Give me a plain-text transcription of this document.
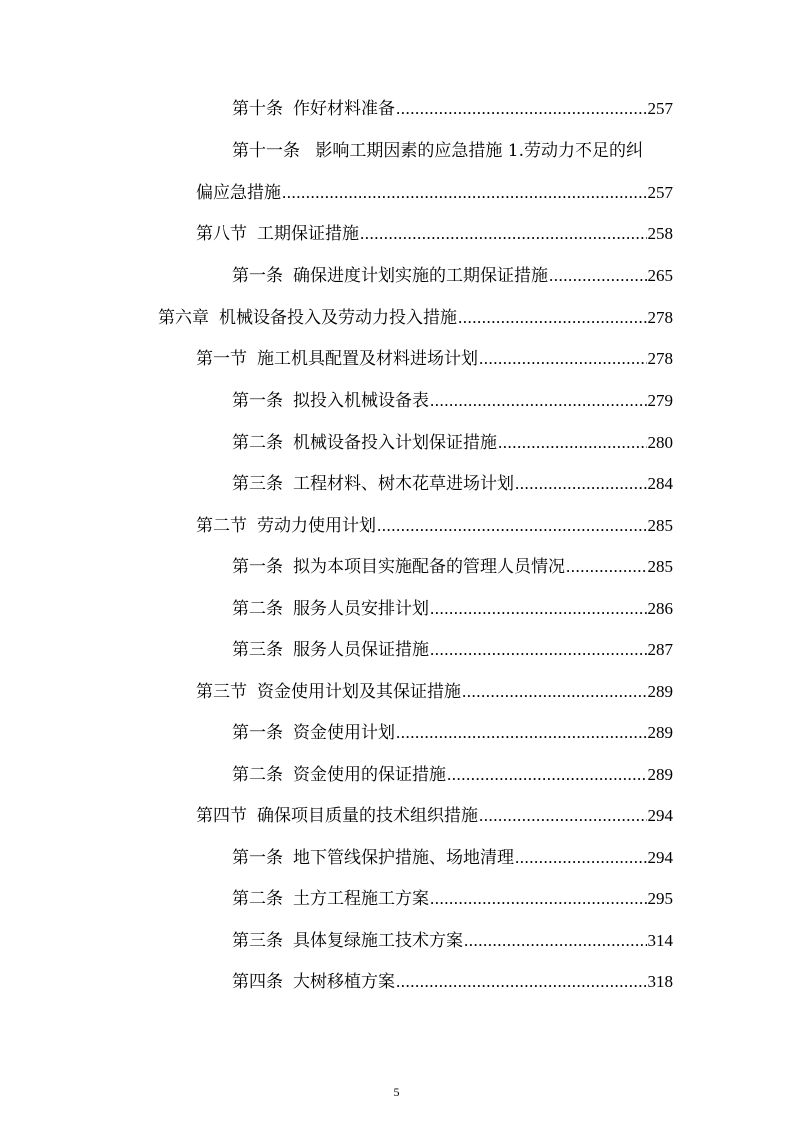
第十条 作好材料准备 .....	257
第十一条 影响工期因素的应急措施 1.劳动力不足的纠
偏应急措施 .....	257
第八节 工期保证措施 .....	258
第一条 确保进度计划实施的工期保证措施 .....	265
第六章 机械设备投入及劳动力投入措施 .....	278
第一节 施工机具配置及材料进场计划 .....	278
第一条 拟投入机械设备表 .....	279
第二条 机械设备投入计划保证措施 .....	280
第三条 工程材料、树木花草进场计划 .....	284
第二节 劳动力使用计划 .....	285
第一条 拟为本项目实施配备的管理人员情况 .....	285
第二条 服务人员安排计划 .....	286
第三条 服务人员保证措施 .....	287
第三节 资金使用计划及其保证措施 .....	289
第一条 资金使用计划 .....	289
第二条 资金使用的保证措施 .....	289
第四节 确保项目质量的技术组织措施 .....	294
第一条 地下管线保护措施、场地清理 .....	294
第二条 土方工程施工方案 .....	295
第三条 具体复绿施工技术方案 .....	314
第四条 大树移植方案 .....	318
5
